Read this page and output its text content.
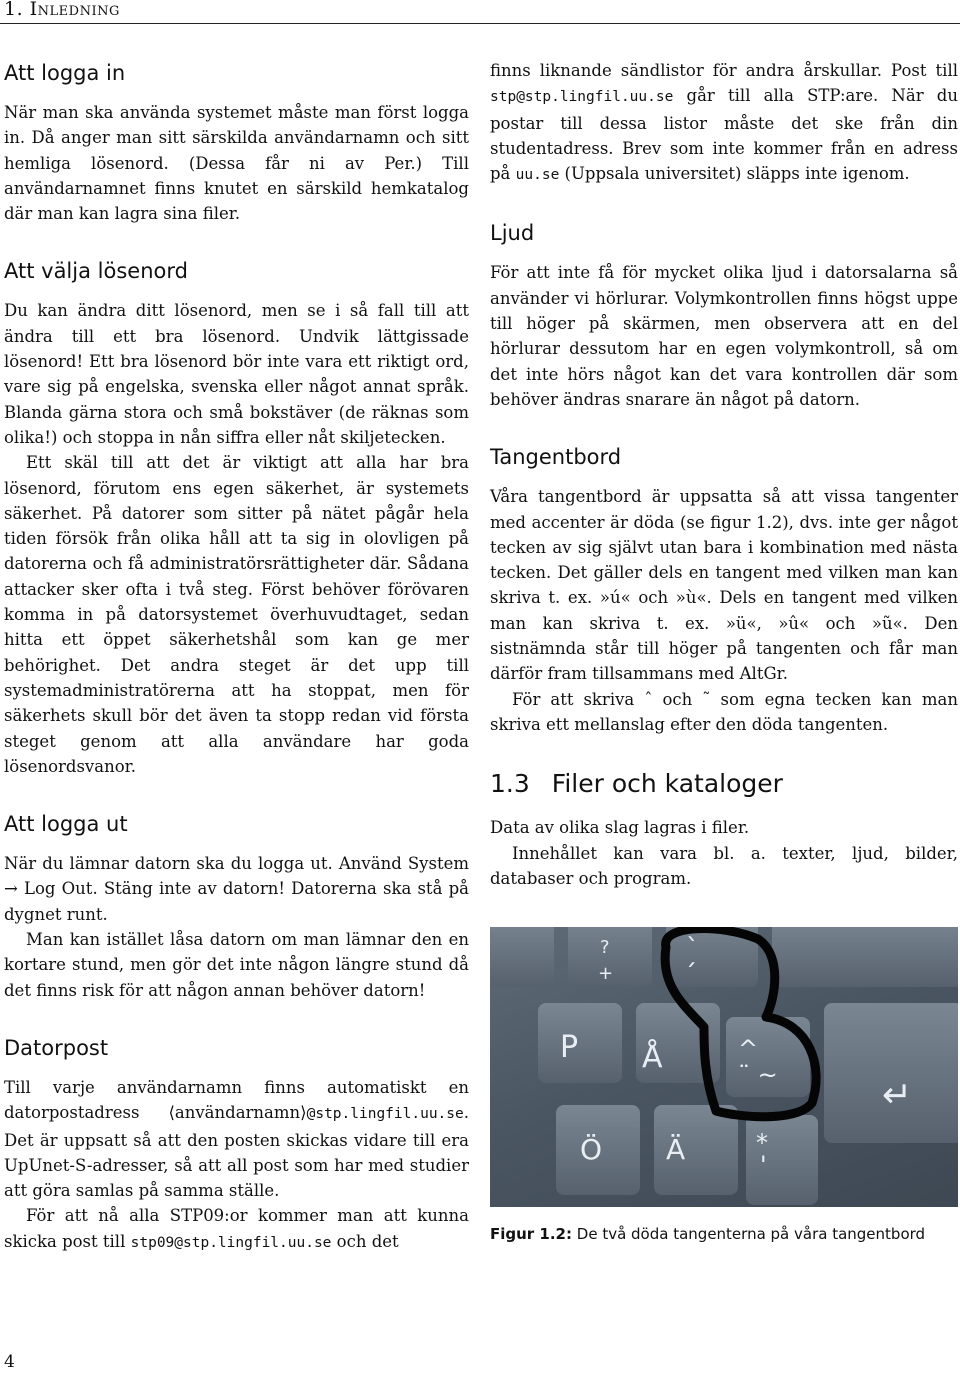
1. Inledning
Att logga in

När man ska använda systemet måste man först logga in. Då anger man sitt särskilda användarnamn och sitt hemliga lösenord. (Dessa får ni av Per.) Till användarnamnet finns knutet en särskild hemkatalog där man kan lagra sina filer.

Att välja lösenord

Du kan ändra ditt lösenord, men se i så fall till att ändra till ett bra lösenord. Undvik lättgissade lösenord! Ett bra lösenord bör inte vara ett riktigt ord, vare sig på engelska, svenska eller något annat språk. Blanda gärna stora och små bokstäver (de räknas som olika!) och stoppa in nån siffra eller nåt skiljetecken.

Ett skäl till att det är viktigt att alla har bra lösenord, förutom ens egen säkerhet, är systemets säkerhet. På datorer som sitter på nätet pågår hela tiden försök från olika håll att ta sig in olovligen på datorerna och få administratörsrättigheter där. Sådana attacker sker ofta i två steg. Först behöver förövaren komma in på datorsystemet överhuvudtaget, sedan hitta ett öppet säkerhetshål som kan ge mer behörighet. Det andra steget är det upp till systemadministratörerna att ha stoppat, men för säkerhets skull bör det även ta stopp redan vid första steget genom att alla användare har goda lösenordsvanor.

Att logga ut

När du lämnar datorn ska du logga ut. Använd System → Log Out. Stäng inte av datorn! Datorerna ska stå på dygnet runt.

Man kan istället låsa datorn om man lämnar den en kortare stund, men gör det inte någon längre stund då det finns risk för att någon annan behöver datorn!

Datorpost

Till varje användarnamn finns automatiskt en datorpostadress ⟨användarnamn⟩@stp.lingfil.uu.se. Det är uppsatt så att den posten skickas vidare till era UpUnet-S-adresser, så att all post som har med studier att göra samlas på samma ställe.

För att nå alla STP09:or kommer man att kunna skicka post till stp09@stp.lingfil.uu.se och det

finns liknande sändlistor för andra årskullar. Post till stp@stp.lingfil.uu.se går till alla STP:are. När du postar till dessa listor måste det ske från din studentadress. Brev som inte kommer från en adress på uu.se (Uppsala universitet) släpps inte igenom.

Ljud

För att inte få för mycket olika ljud i datorsalarna så använder vi hörlurar. Volymkontrollen finns högst uppe till höger på skärmen, men observera att en del hörlurar dessutom har en egen volymkontroll, så om det inte hörs något kan det vara kontrollen där som behöver ändras snarare än något på datorn.

Tangentbord

Våra tangentbord är uppsatta så att vissa tangenter med accenter är döda (se figur 1.2), dvs. inte ger något tecken av sig självt utan bara i kombination med nästa tecken. Det gäller dels en tangent med vilken man kan skriva t. ex. »ú« och »ù«. Dels en tangent med vilken man kan skriva t. ex. »ü«, »û« och »ũ«. Den sistnämnda står till höger på tangenten och får man därför fram tillsammans med AltGr.

För att skriva ˆ och ˜ som egna tecken kan man skriva ett mellanslag efter den döda tangenten.

1.3 Filer och kataloger

Data av olika slag lagras i filer.

Innehållet kan vara bl. a. texter, ljud, bilder, databaser och program.

?
+
`
´
P Å	^
¨ ~	↵
Ö Ä	*
'
Figur 1.2: De två döda tangenterna på våra tangentbord
4
